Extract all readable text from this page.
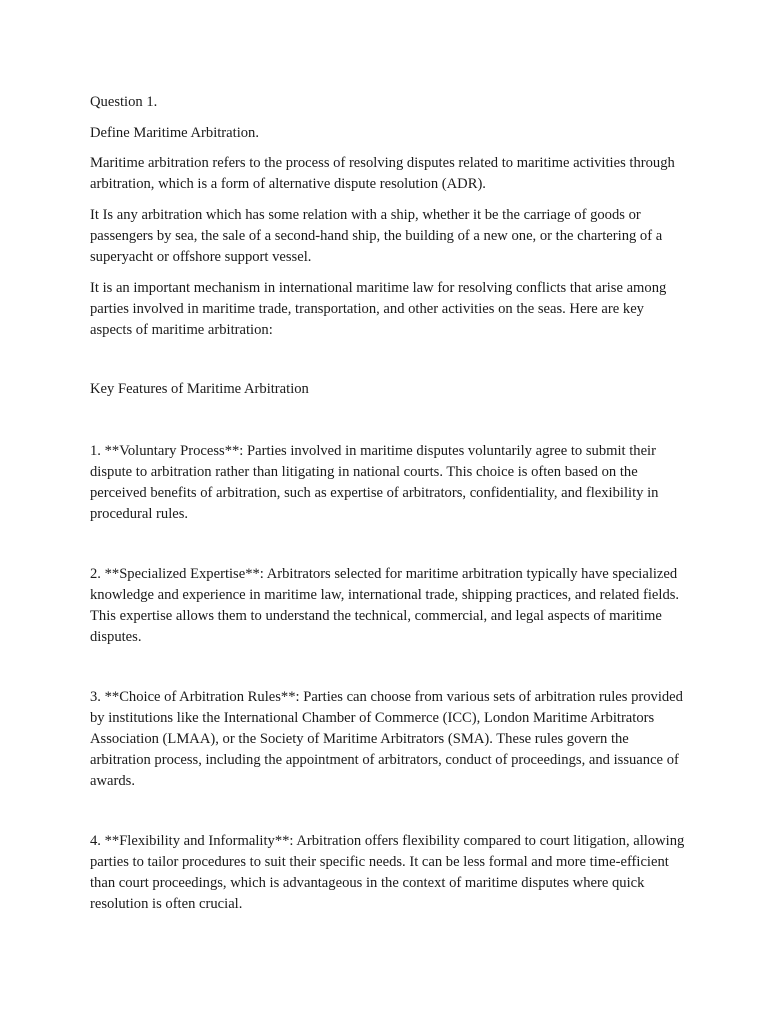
Question 1.

Define Maritime Arbitration.

Maritime arbitration refers to the process of resolving disputes related to maritime activities through arbitration, which is a form of alternative dispute resolution (ADR).

It Is any arbitration which has some relation with a ship, whether it be the carriage of goods or passengers by sea, the sale of a second-hand ship, the building of a new one, or the chartering of a superyacht or offshore support vessel.

It is an important mechanism in international maritime law for resolving conflicts that arise among parties involved in maritime trade, transportation, and other activities on the seas. Here are key aspects of maritime arbitration:

Key Features of Maritime Arbitration

1. **Voluntary Process**: Parties involved in maritime disputes voluntarily agree to submit their dispute to arbitration rather than litigating in national courts. This choice is often based on the perceived benefits of arbitration, such as expertise of arbitrators, confidentiality, and flexibility in procedural rules.

2. **Specialized Expertise**: Arbitrators selected for maritime arbitration typically have specialized knowledge and experience in maritime law, international trade, shipping practices, and related fields. This expertise allows them to understand the technical, commercial, and legal aspects of maritime disputes.

3. **Choice of Arbitration Rules**: Parties can choose from various sets of arbitration rules provided by institutions like the International Chamber of Commerce (ICC), London Maritime Arbitrators Association (LMAA), or the Society of Maritime Arbitrators (SMA). These rules govern the arbitration process, including the appointment of arbitrators, conduct of proceedings, and issuance of awards.

4. **Flexibility and Informality**: Arbitration offers flexibility compared to court litigation, allowing parties to tailor procedures to suit their specific needs. It can be less formal and more time-efficient than court proceedings, which is advantageous in the context of maritime disputes where quick resolution is often crucial.
